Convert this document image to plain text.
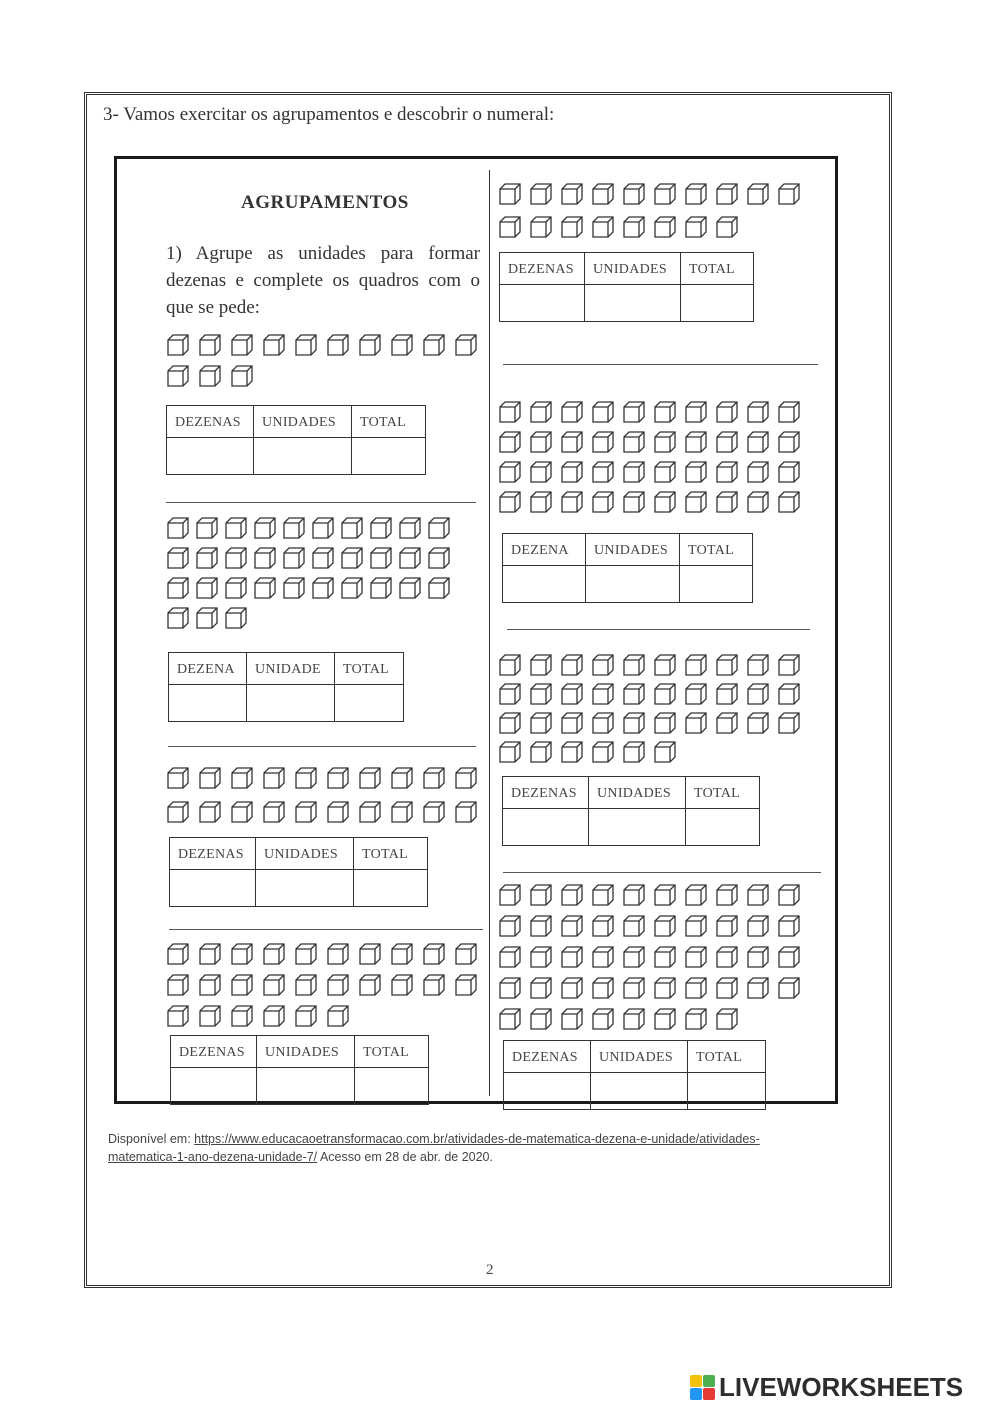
3- Vamos exercitar os agrupamentos e descobrir o numeral:
AGRUPAMENTOS
1) Agrupe as unidades para formar dezenas e complete os quadros com o que se pede:
DEZENAS	UNIDADES	TOTAL

DEZENA	UNIDADE	TOTAL

DEZENAS	UNIDADES	TOTAL

DEZENAS	UNIDADES	TOTAL

DEZENAS	UNIDADES	TOTAL

DEZENA	UNIDADES	TOTAL

DEZENAS	UNIDADES	TOTAL

DEZENAS	UNIDADES	TOTAL

Disponível em: https://www.educacaoetransformacao.com.br/atividades-de-matematica-dezena-e-unidade/atividades-matematica-1-ano-dezena-unidade-7/ Acesso em 28 de abr. de 2020.
2
LIVEWORKSHEETS
